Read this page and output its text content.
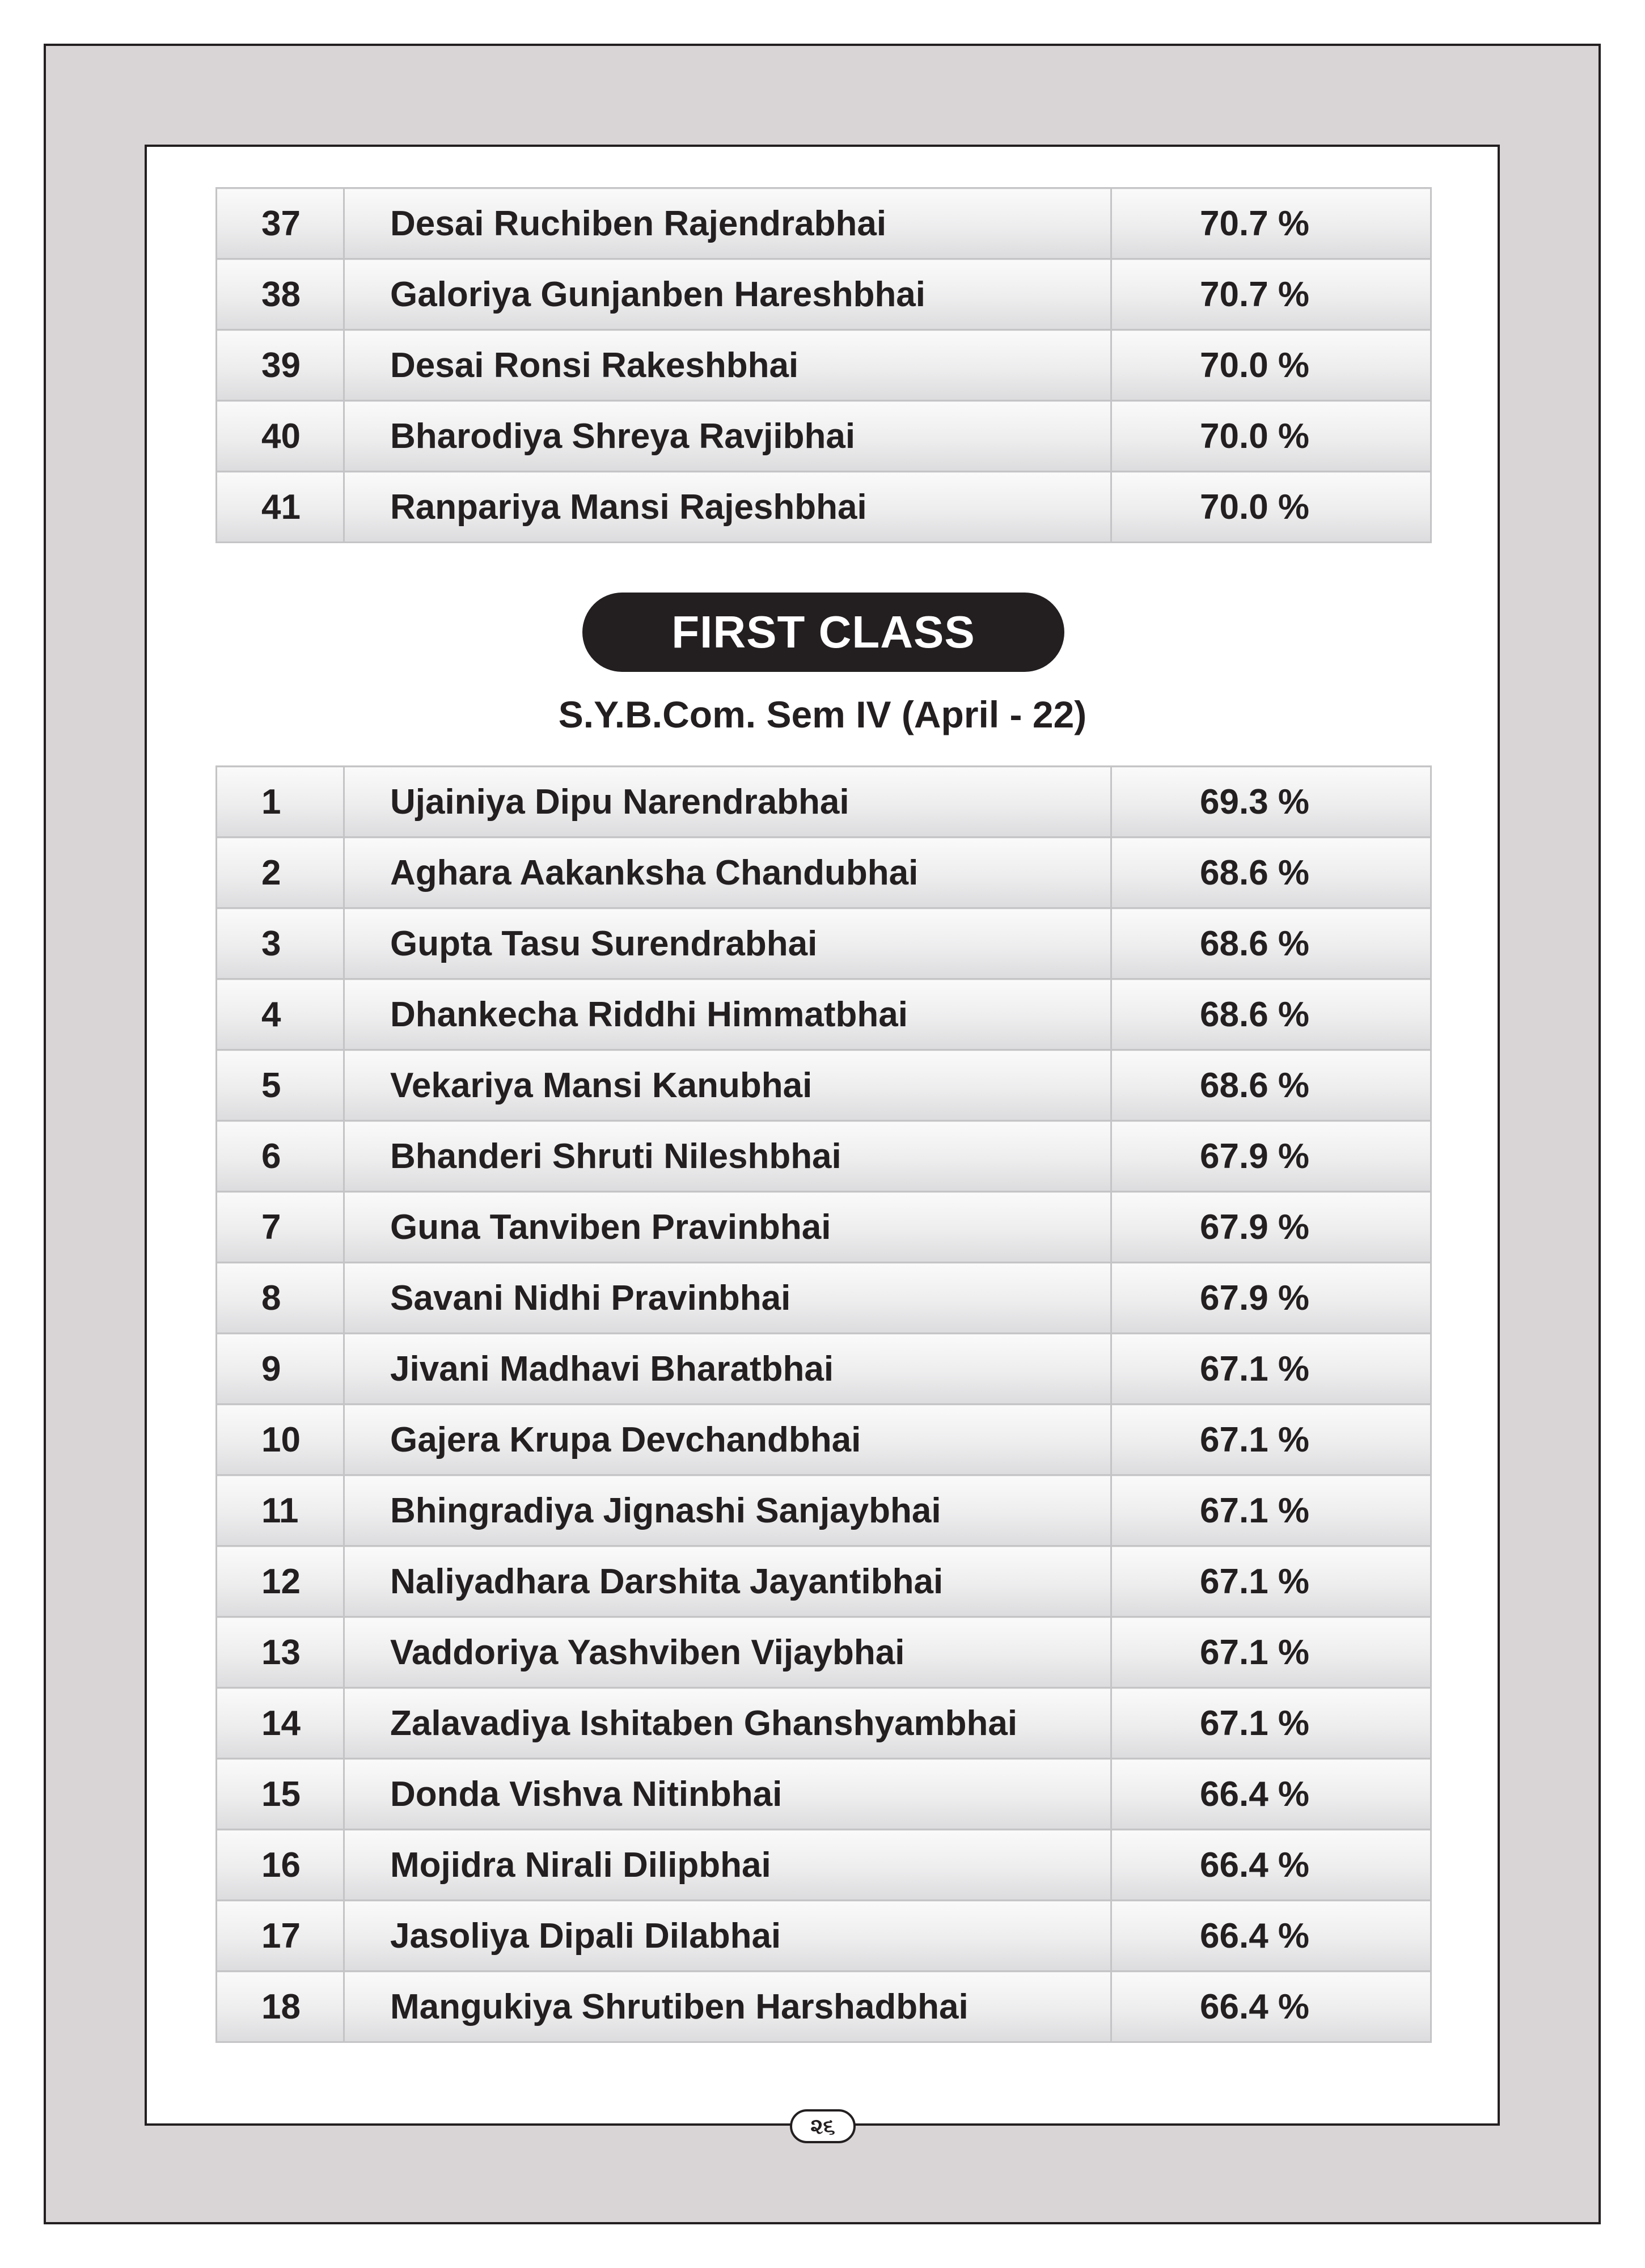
37	Desai Ruchiben Rajendrabhai	70.7 %
38	Galoriya Gunjanben Hareshbhai	70.7 %
39	Desai Ronsi Rakeshbhai	70.0 %
40	Bharodiya Shreya Ravjibhai	70.0 %
41	Ranpariya Mansi Rajeshbhai	70.0 %
FIRST CLASS
S.Y.B.Com. Sem IV (April - 22)
1	Ujainiya Dipu Narendrabhai	69.3 %
2	Aghara Aakanksha Chandubhai	68.6 %
3	Gupta Tasu Surendrabhai	68.6 %
4	Dhankecha Riddhi Himmatbhai	68.6 %
5	Vekariya Mansi Kanubhai	68.6 %
6	Bhanderi Shruti Nileshbhai	67.9 %
7	Guna Tanviben Pravinbhai	67.9 %
8	Savani Nidhi Pravinbhai	67.9 %
9	Jivani Madhavi Bharatbhai	67.1 %
10	Gajera Krupa Devchandbhai	67.1 %
11	Bhingradiya Jignashi Sanjaybhai	67.1 %
12	Naliyadhara Darshita Jayantibhai	67.1 %
13	Vaddoriya Yashviben Vijaybhai	67.1 %
14	Zalavadiya Ishitaben Ghanshyambhai	67.1 %
15	Donda Vishva Nitinbhai	66.4 %
16	Mojidra Nirali Dilipbhai	66.4 %
17	Jasoliya Dipali Dilabhai	66.4 %
18	Mangukiya Shrutiben Harshadbhai	66.4 %
૨૬
